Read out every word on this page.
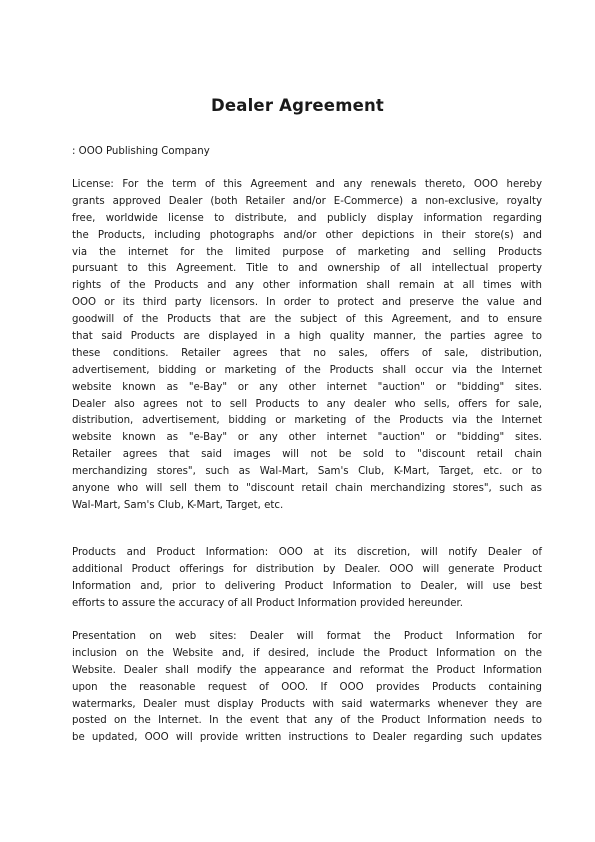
Dealer Agreement
: OOO Publishing Company
License: For the term of this Agreement and any renewals thereto, OOO hereby
grants approved Dealer (both Retailer and/or E-Commerce) a non-exclusive, royalty
free, worldwide license to distribute, and publicly display information regarding
the Products, including photographs and/or other depictions in their store(s) and
via the internet for the limited purpose of marketing and selling Products
pursuant to this Agreement. Title to and ownership of all intellectual property
rights of the Products and any other information shall remain at all times with
OOO or its third party licensors. In order to protect and preserve the value and
goodwill of the Products that are the subject of this Agreement, and to ensure
that said Products are displayed in a high quality manner, the parties agree to
these conditions. Retailer agrees that no sales, offers of sale, distribution,
advertisement, bidding or marketing of the Products shall occur via the Internet
website known as "e-Bay" or any other internet "auction" or "bidding" sites.
Dealer also agrees not to sell Products to any dealer who sells, offers for sale,
distribution, advertisement, bidding or marketing of the Products via the Internet
website known as "e-Bay" or any other internet "auction" or "bidding" sites.
Retailer agrees that said images will not be sold to "discount retail chain
merchandizing stores", such as Wal-Mart, Sam's Club, K-Mart, Target, etc. or to
anyone who will sell them to "discount retail chain merchandizing stores", such as
Wal-Mart, Sam's Club, K-Mart, Target, etc.
Products and Product Information: OOO at its discretion, will notify Dealer of
additional Product offerings for distribution by Dealer. OOO will generate Product
Information and, prior to delivering Product Information to Dealer, will use best
efforts to assure the accuracy of all Product Information provided hereunder.
Presentation on web sites: Dealer will format the Product Information for
inclusion on the Website and, if desired, include the Product Information on the
Website. Dealer shall modify the appearance and reformat the Product Information
upon the reasonable request of OOO. If OOO provides Products containing
watermarks, Dealer must display Products with said watermarks whenever they are
posted on the Internet. In the event that any of the Product Information needs to
be updated, OOO will provide written instructions to Dealer regarding such updates
